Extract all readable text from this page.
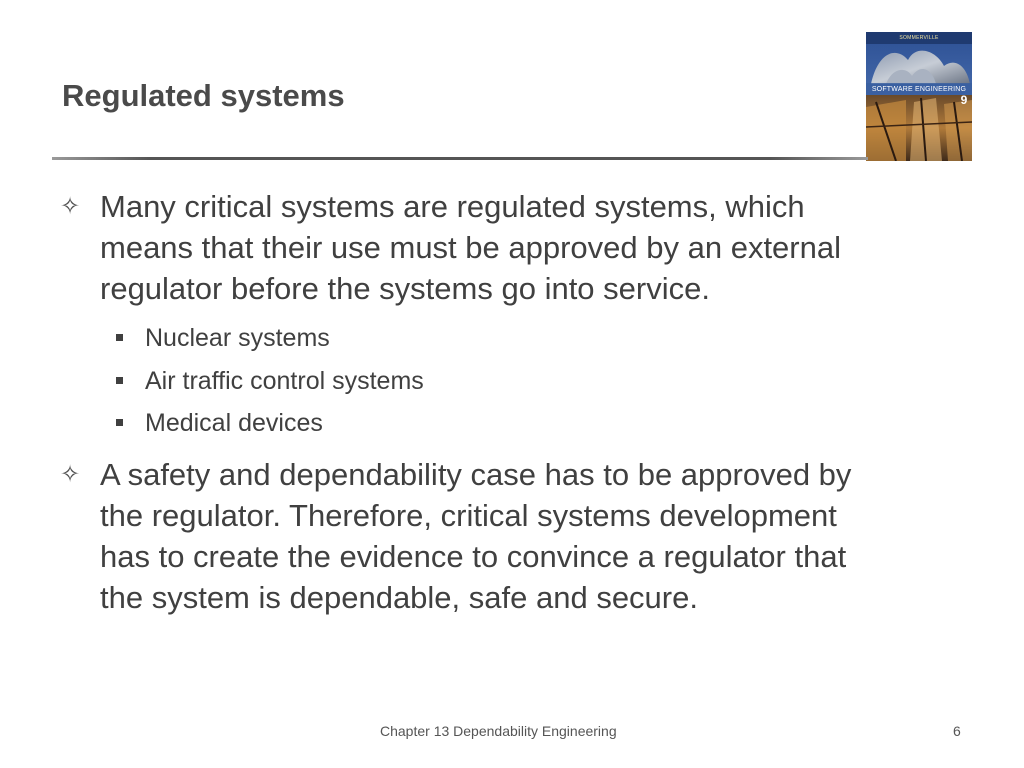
Regulated systems
SOMMERVILLE
SOFTWARE ENGINEERING
9
✧ Many critical systems are regulated systems, which
means that their use must be approved by an external
regulator before the systems go into service.
Nuclear systems
Air traffic control systems
Medical devices
✧ A safety and dependability case has to be approved by
the regulator. Therefore, critical systems development
has to create the evidence to convince a regulator that
the system is dependable, safe and secure.
Chapter 13 Dependability Engineering	6
